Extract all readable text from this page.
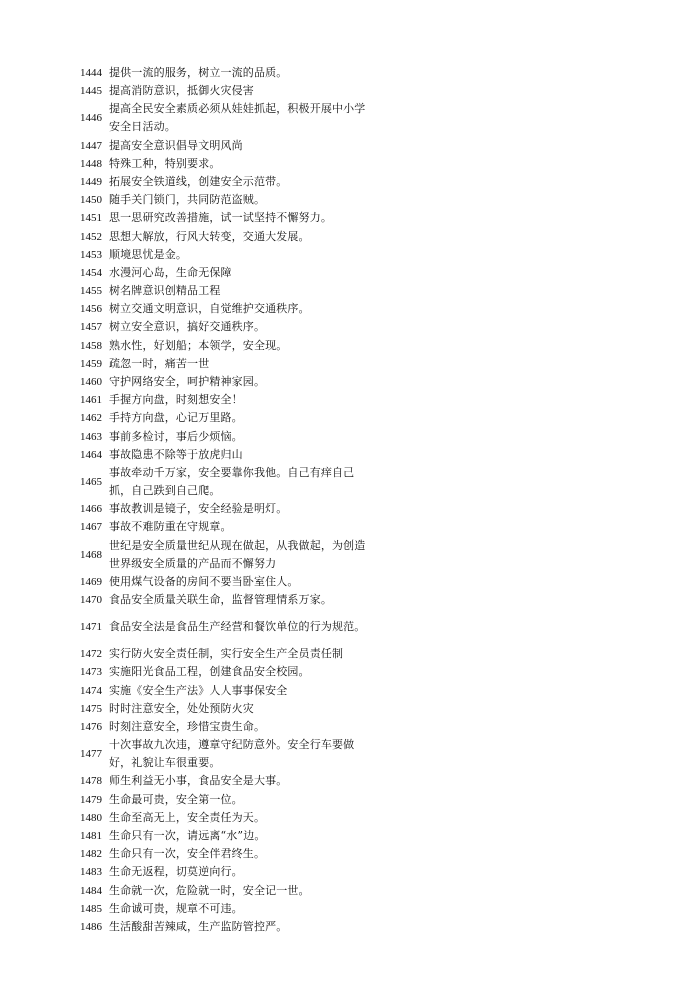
1444 提供一流的服务，树立一流的品质。
1445 提高消防意识，抵御火灾侵害
1446
提高全民安全素质必须从娃娃抓起，积极开展中小学安全日活动。
1447 提高安全意识倡导文明风尚
1448 特殊工种，特别要求。
1449 拓展安全铁道线，创建安全示范带。
1450 随手关门锁门，共同防范盗贼。
1451 思一思研究改善措施，试一试坚持不懈努力。
1452 思想大解放，行风大转变，交通大发展。
1453 顺境思忧是金。
1454 水漫河心岛，生命无保障
1455 树名牌意识创精品工程
1456 树立交通文明意识，自觉维护交通秩序。
1457 树立安全意识，搞好交通秩序。
1458 熟水性，好划船；本领学，安全现。
1459 疏忽一时，痛苦一世
1460 守护网络安全，呵护精神家园。
1461 手握方向盘，时刻想安全！
1462 手持方向盘，心记万里路。
1463 事前多检讨，事后少烦恼。
1464 事故隐患不除等于放虎归山
1465
事故牵动千万家，安全要靠你我他。自己有痒自己抓，自己跌到自己爬。
1466 事故教训是镜子，安全经验是明灯。
1467 事故不难防重在守规章。
1468
世纪是安全质量世纪从现在做起，从我做起，为创造世界级安全质量的产品而不懈努力
1469 使用煤气设备的房间不要当卧室住人。
1470 食品安全质量关联生命，监督管理情系万家。
1471 食品安全法是食品生产经营和餐饮单位的行为规范。
1472 实行防火安全责任制，实行安全生产全员责任制
1473 实施阳光食品工程，创建食品安全校园。
1474 实施《安全生产法》人人事事保安全
1475 时时注意安全，处处预防火灾
1476 时刻注意安全，珍惜宝贵生命。
1477
十次事故九次违，遵章守纪防意外。安全行车要做好，礼貌让车很重要。
1478 师生利益无小事，食品安全是大事。
1479 生命最可贵，安全第一位。
1480 生命至高无上，安全责任为天。
1481 生命只有一次，请远离“水”边。
1482 生命只有一次，安全伴君终生。
1483 生命无返程，切莫逆向行。
1484 生命就一次，危险就一时，安全记一世。
1485 生命诚可贵，规章不可违。
1486 生活酸甜苦辣咸，生产监防管控严。
